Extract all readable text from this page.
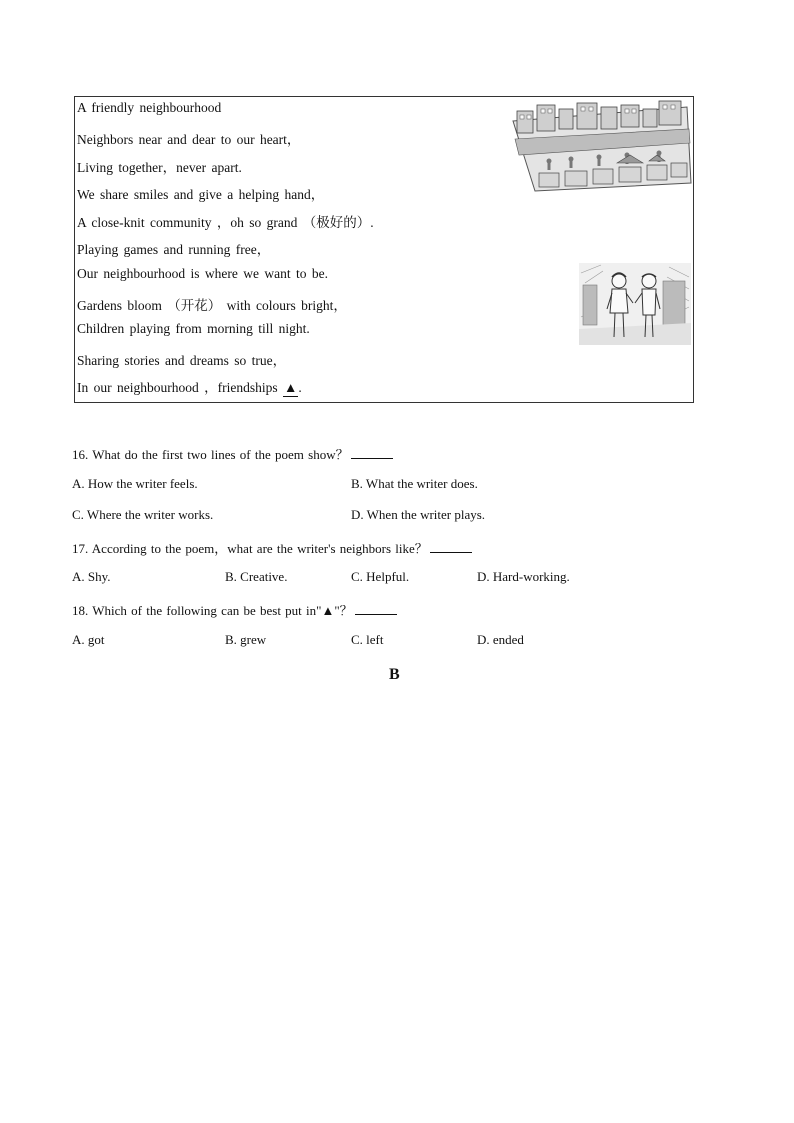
A friendly neighbourhood
Neighbors near and dear to our heart，
Living together，never apart.
We share smiles and give a helping hand，
A close-knit community ，oh so grand （极好的）.
Playing games and running free，
Our neighbourhood is where we want to be.
Gardens bloom （开花） with colours bright，
Children playing from morning till night.
Sharing stories and dreams so true，
In our neighbourhood ，friendships ▲.
16. What do the first two lines of the poem show？
A. How the writer feels.	B. What the writer does.
C. Where the writer works.	D. When the writer plays.
17. According to the poem，what are the writer's neighbors like？
A. Shy.	B. Creative.	C. Helpful.	D. Hard-working.
18. Which of the following can be best put in"▲"？
A. got	B. grew	C. left	D. ended
B
